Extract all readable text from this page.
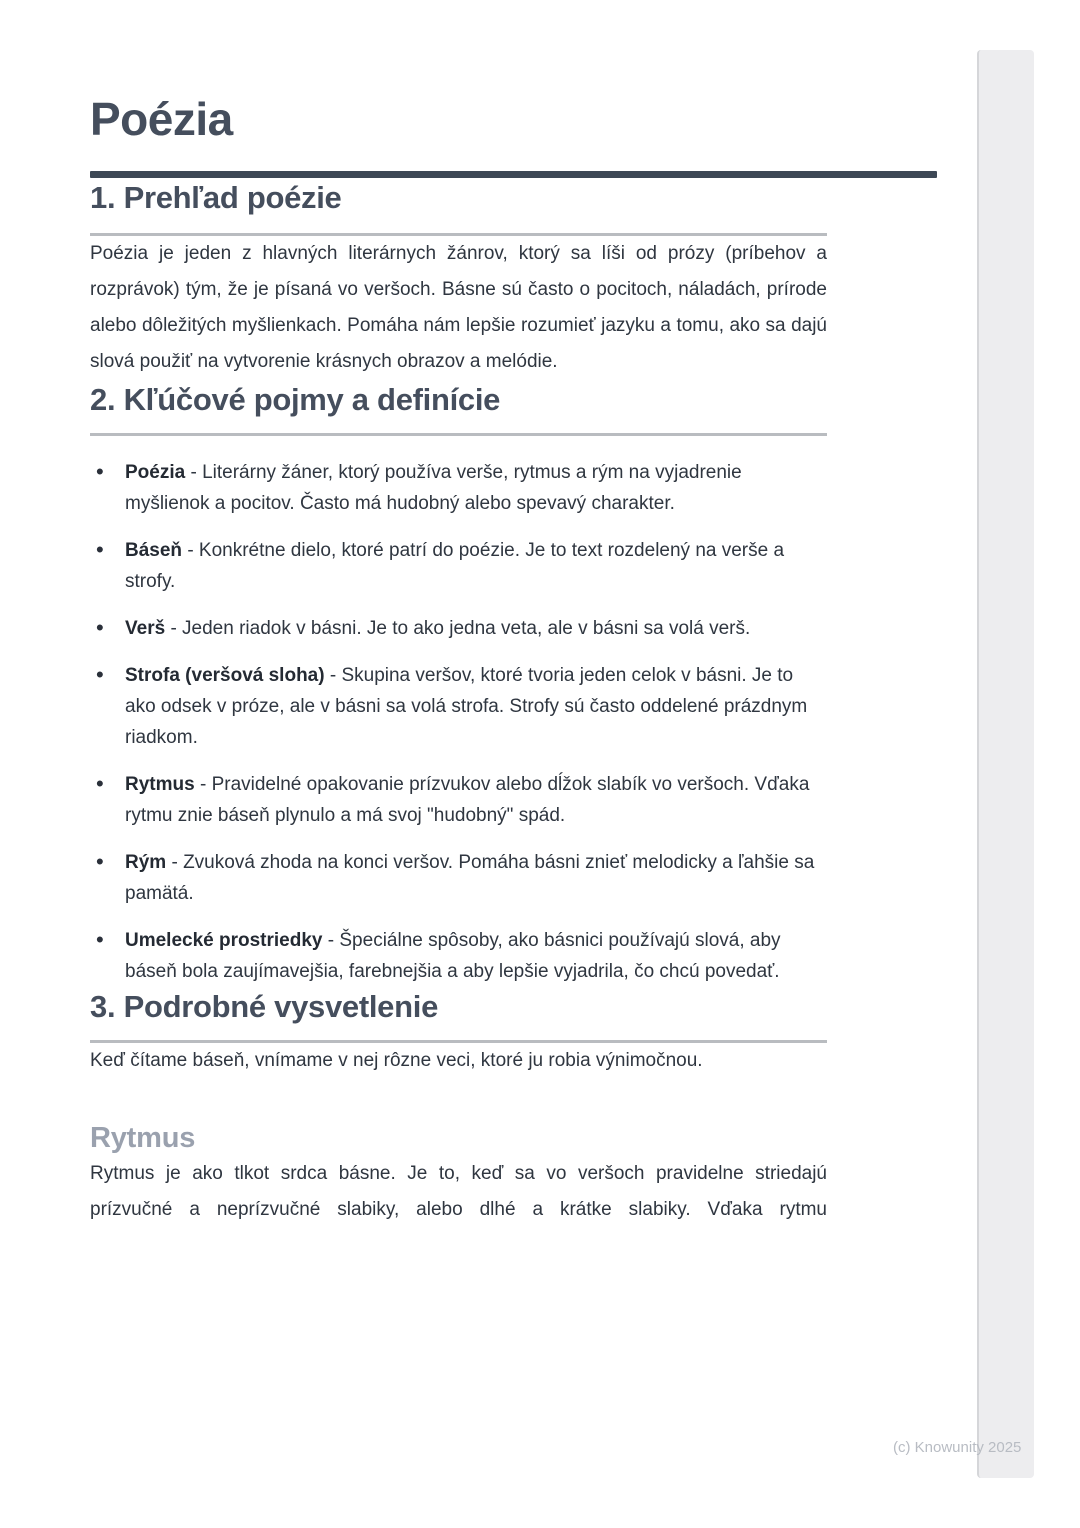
Poézia
1. Prehľad poézie

Poézia je jeden z hlavných literárnych žánrov, ktorý sa líši od prózy (príbehov a rozprávok) tým, že je písaná vo veršoch. Básne sú často o pocitoch, náladách, prírode alebo dôležitých myšlienkach. Pomáha nám lepšie rozumieť jazyku a tomu, ako sa dajú slová použiť na vytvorenie krásnych obrazov a melódie.

2. Kľúčové pojmy a definície
• Poézia - Literárny žáner, ktorý používa verše, rytmus a rým na vyjadrenie myšlienok a pocitov. Často má hudobný alebo spevavý charakter.
• Báseň - Konkrétne dielo, ktoré patrí do poézie. Je to text rozdelený na verše a strofy.
• Verš - Jeden riadok v básni. Je to ako jedna veta, ale v básni sa volá verš.
• Strofa (veršová sloha) - Skupina veršov, ktoré tvoria jeden celok v básni. Je to ako odsek v próze, ale v básni sa volá strofa. Strofy sú často oddelené prázdnym riadkom.
• Rytmus - Pravidelné opakovanie prízvukov alebo dĺžok slabík vo veršoch. Vďaka rytmu znie báseň plynulo a má svoj "hudobný" spád.
• Rým - Zvuková zhoda na konci veršov. Pomáha básni znieť melodicky a ľahšie sa pamätá.
• Umelecké prostriedky - Špeciálne spôsoby, ako básnici používajú slová, aby báseň bola zaujímavejšia, farebnejšia a aby lepšie vyjadrila, čo chcú povedať.
3. Podrobné vysvetlenie

Keď čítame báseň, vnímame v nej rôzne veci, ktoré ju robia výnimočnou.

Rytmus

Rytmus je ako tlkot srdca básne. Je to, keď sa vo veršoch pravidelne striedajú prízvučné a neprízvučné slabiky, alebo dlhé a krátke slabiky. Vďaka rytmu

(c) Knowunity 2025
